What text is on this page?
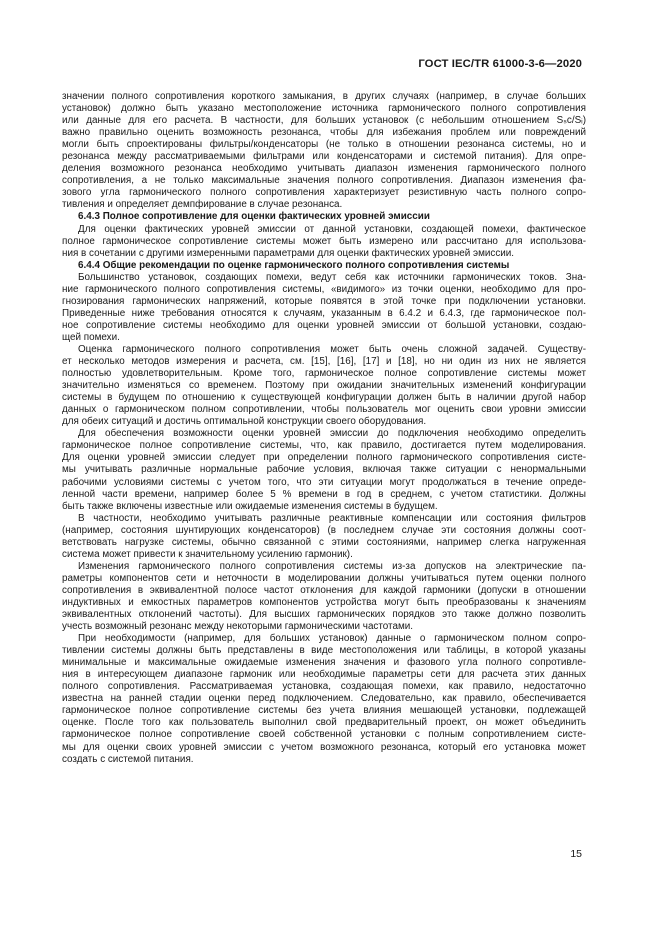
ГОСТ IEC/TR 61000-3-6—2020
значении полного сопротивления короткого замыкания, в других случаях (например, в случае больших
установок) должно быть указано местоположение источника гармонического полного сопротивления
или данные для его расчета. В частности, для больших установок (с небольшим отношением Sₛc/Sᵢ)
важно правильно оценить возможность резонанса, чтобы для избежания проблем или повреждений
могли быть спроектированы фильтры/конденсаторы (не только в отношении резонанса системы, но и
резонанса между рассматриваемыми фильтрами или конденсаторами и системой питания). Для опре-
деления возможного резонанса необходимо учитывать диапазон изменения гармонического полного
сопротивления, а не только максимальные значения полного сопротивления. Диапазон изменения фа-
зового угла гармонического полного сопротивления характеризует резистивную часть полного сопро-
тивления и определяет демпфирование в случае резонанса.
6.4.3 Полное сопротивление для оценки фактических уровней эмиссии
Для оценки фактических уровней эмиссии от данной установки, создающей помехи, фактическое
полное гармоническое сопротивление системы может быть измерено или рассчитано для использова-
ния в сочетании с другими измеренными параметрами для оценки фактических уровней эмиссии.
6.4.4 Общие рекомендации по оценке гармонического полного сопротивления системы
Большинство установок, создающих помехи, ведут себя как источники гармонических токов. Зна-
ние гармонического полного сопротивления системы, «видимого» из точки оценки, необходимо для про-
гнозирования гармонических напряжений, которые появятся в этой точке при подключении установки.
Приведенные ниже требования относятся к случаям, указанным в 6.4.2 и 6.4.3, где гармоническое пол-
ное сопротивление системы необходимо для оценки уровней эмиссии от большой установки, создаю-
щей помехи.
Оценка гармонического полного сопротивления может быть очень сложной задачей. Существу-
ет несколько методов измерения и расчета, см. [15], [16], [17] и [18], но ни один из них не является
полностью удовлетворительным. Кроме того, гармоническое полное сопротивление системы может
значительно изменяться со временем. Поэтому при ожидании значительных изменений конфигурации
системы в будущем по отношению к существующей конфигурации должен быть в наличии другой набор
данных о гармоническом полном сопротивлении, чтобы пользователь мог оценить свои уровни эмиссии
для обеих ситуаций и достичь оптимальной конструкции своего оборудования.
Для обеспечения возможности оценки уровней эмиссии до подключения необходимо определить
гармоническое полное сопротивление системы, что, как правило, достигается путем моделирования.
Для оценки уровней эмиссии следует при определении полного гармонического сопротивления систе-
мы учитывать различные нормальные рабочие условия, включая также ситуации с ненормальными
рабочими условиями системы с учетом того, что эти ситуации могут продолжаться в течение опреде-
ленной части времени, например более 5 % времени в год в среднем, с учетом статистики. Должны
быть также включены известные или ожидаемые изменения системы в будущем.
В частности, необходимо учитывать различные реактивные компенсации или состояния фильтров
(например, состояния шунтирующих конденсаторов) (в последнем случае эти состояния должны соот-
ветствовать нагрузке системы, обычно связанной с этими состояниями, например слегка нагруженная
система может привести к значительному усилению гармоник).
Изменения гармонического полного сопротивления системы из-за допусков на электрические па-
раметры компонентов сети и неточности в моделировании должны учитываться путем оценки полного
сопротивления в эквивалентной полосе частот отклонения для каждой гармоники (допуски в отношении
индуктивных и емкостных параметров компонентов устройства могут быть преобразованы к значениям
эквивалентных отклонений частоты). Для высших гармонических порядков это также должно позволить
учесть возможный резонанс между некоторыми гармоническими частотами.
При необходимости (например, для больших установок) данные о гармоническом полном сопро-
тивлении системы должны быть представлены в виде местоположения или таблицы, в которой указаны
минимальные и максимальные ожидаемые изменения значения и фазового угла полного сопротивле-
ния в интересующем диапазоне гармоник или необходимые параметры сети для расчета этих данных
полного сопротивления. Рассматриваемая установка, создающая помехи, как правило, недостаточно
известна на ранней стадии оценки перед подключением. Следовательно, как правило, обеспечивается
гармоническое полное сопротивление системы без учета влияния мешающей установки, подлежащей
оценке. После того как пользователь выполнил свой предварительный проект, он может объединить
гармоническое полное сопротивление своей собственной установки с полным сопротивлением систе-
мы для оценки своих уровней эмиссии с учетом возможного резонанса, который его установка может
создать с системой питания.
15
